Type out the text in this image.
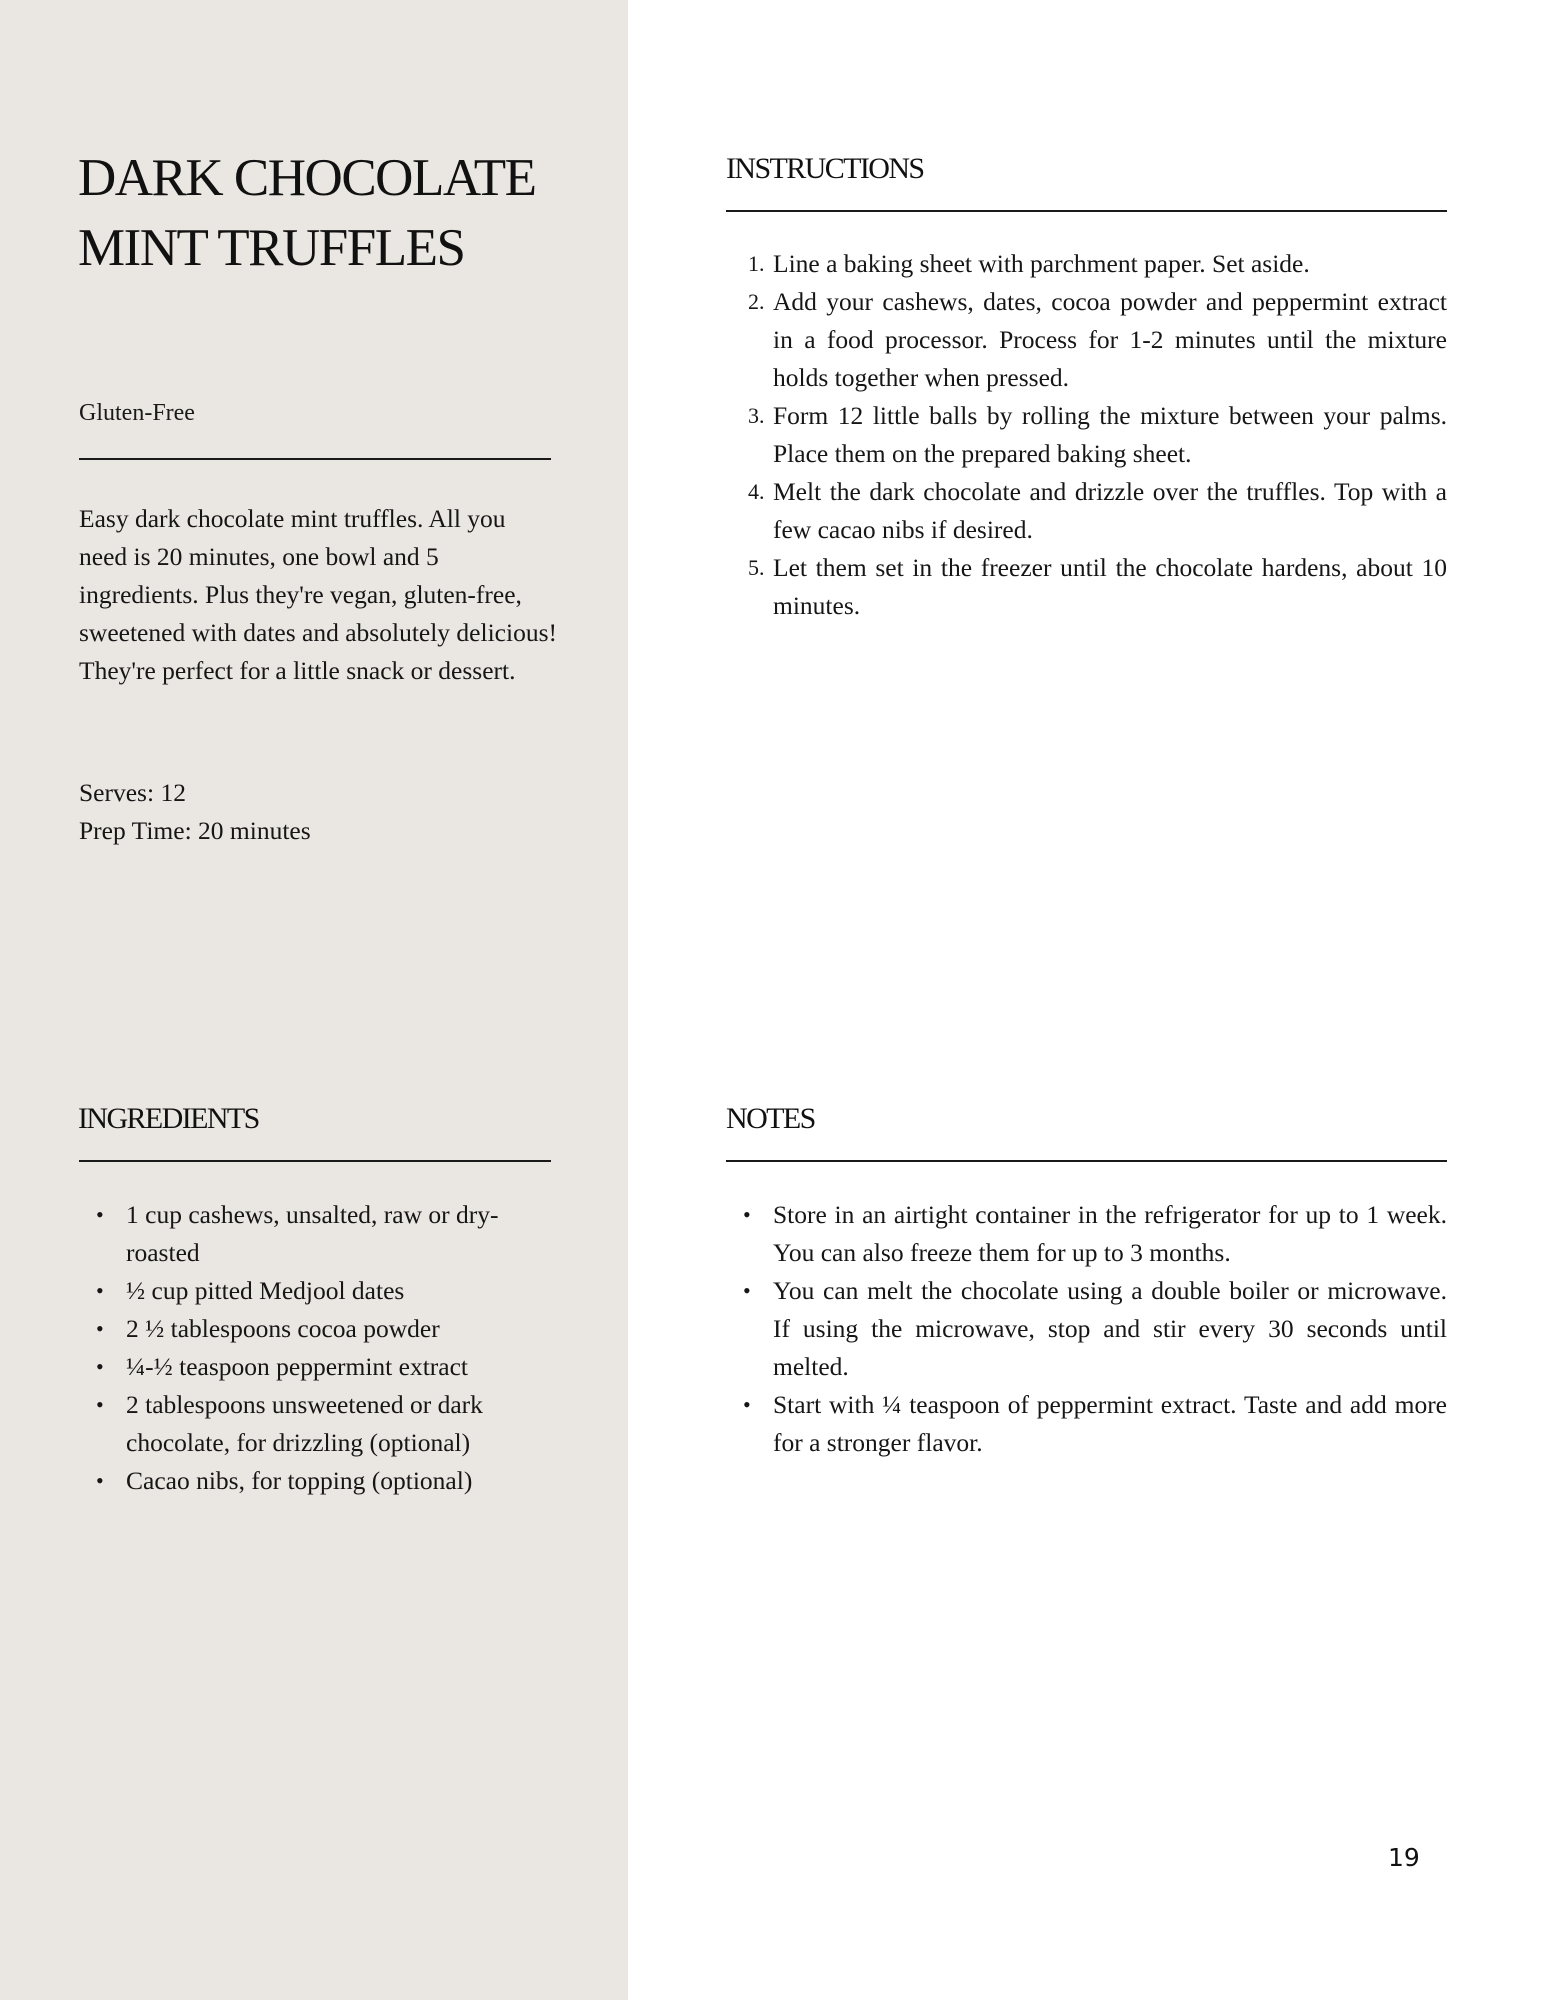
DARK CHOCOLATE
MINT TRUFFLES
Gluten-Free

Easy dark chocolate mint truffles. All you need is 20 minutes, one bowl and 5 ingredients. Plus they're vegan, gluten-free, sweetened with dates and absolutely delicious! They're perfect for a little snack or dessert.

Serves: 12
Prep Time: 20 minutes
INGREDIENTS
• 1 cup cashews, unsalted, raw or dry-roasted
• ½ cup pitted Medjool dates
• 2 ½ tablespoons cocoa powder
• ¼-½ teaspoon peppermint extract
• 2 tablespoons unsweetened or dark chocolate, for drizzling (optional)
• Cacao nibs, for topping (optional)
INSTRUCTIONS
1. Line a baking sheet with parchment paper. Set aside.
2. Add your cashews, dates, cocoa powder and peppermint extract in a food processor. Process for 1-2 minutes until the mixture holds together when pressed.
3. Form 12 little balls by rolling the mixture between your palms. Place them on the prepared baking sheet.
4. Melt the dark chocolate and drizzle over the truffles. Top with a few cacao nibs if desired.
5. Let them set in the freezer until the chocolate hardens, about 10 minutes.
NOTES
• Store in an airtight container in the refrigerator for up to 1 week. You can also freeze them for up to 3 months.
• You can melt the chocolate using a double boiler or microwave. If using the microwave, stop and stir every 30 seconds until melted.
• Start with ¼ teaspoon of peppermint extract. Taste and add more for a stronger flavor.
19
